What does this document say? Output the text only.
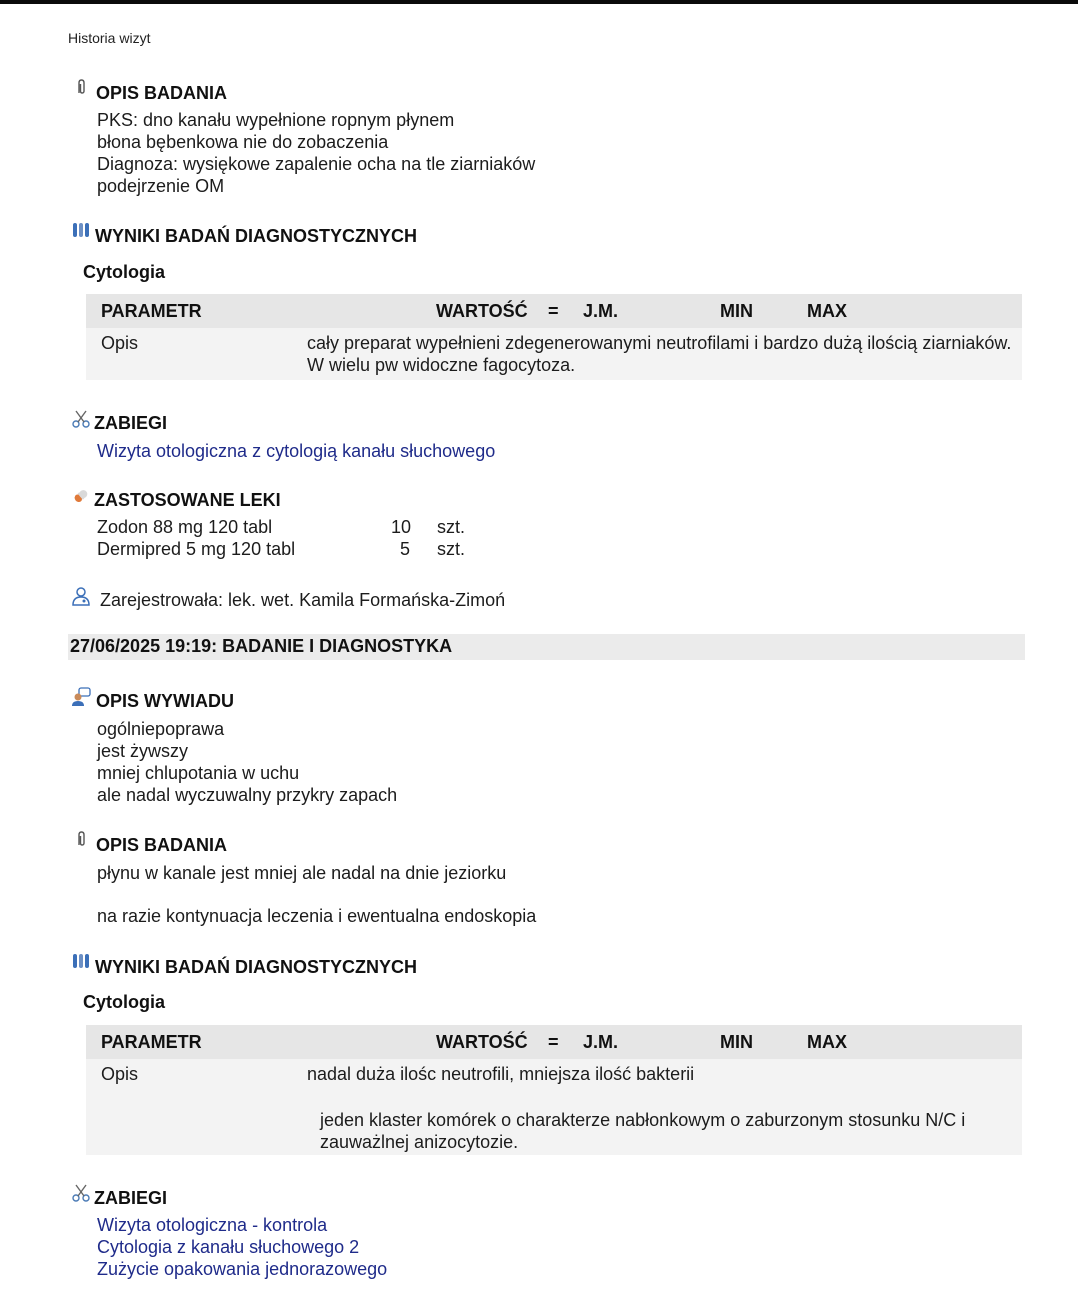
Historia wizyt
OPIS BADANIA
PKS: dno kanału wypełnione ropnym płynem
błona bębenkowa nie do zobaczenia
Diagnoza: wysiękowe zapalenie ocha na tle ziarniaków
podejrzenie OM
WYNIKI BADAŃ DIAGNOSTYCZNYCH
Cytologia
PARAMETR	WARTOŚĆ = J.M.	MIN	MAX
Opis	cały preparat wypełnieni zdegenerowanymi neutrofilami i bardzo dużą ilością ziarniaków.
W wielu pw widoczne fagocytoza.
ZABIEGI
Wizyta otologiczna z cytologią kanału słuchowego
ZASTOSOWANE LEKI
Zodon 88 mg 120 tabl	10 szt.
Dermipred 5 mg 120 tabl	5 szt.
Zarejestrowała: lek. wet. Kamila Formańska-Zimoń
27/06/2025 19:19: BADANIE I DIAGNOSTYKA
OPIS WYWIADU
ogólniepoprawa
jest żywszy
mniej chlupotania w uchu
ale nadal wyczuwalny przykry zapach
OPIS BADANIA
płynu w kanale jest mniej ale nadal na dnie jeziorku
na razie kontynuacja leczenia i ewentualna endoskopia
WYNIKI BADAŃ DIAGNOSTYCZNYCH
Cytologia
PARAMETR	WARTOŚĆ = J.M.	MIN	MAX
Opis	nadal duża ilośc neutrofili, mniejsza ilość bakterii
jeden klaster komórek o charakterze nabłonkowym o zaburzonym stosunku N/C i
zauważlnej anizocytozie.
ZABIEGI
Wizyta otologiczna - kontrola
Cytologia z kanału słuchowego 2
Zużycie opakowania jednorazowego
